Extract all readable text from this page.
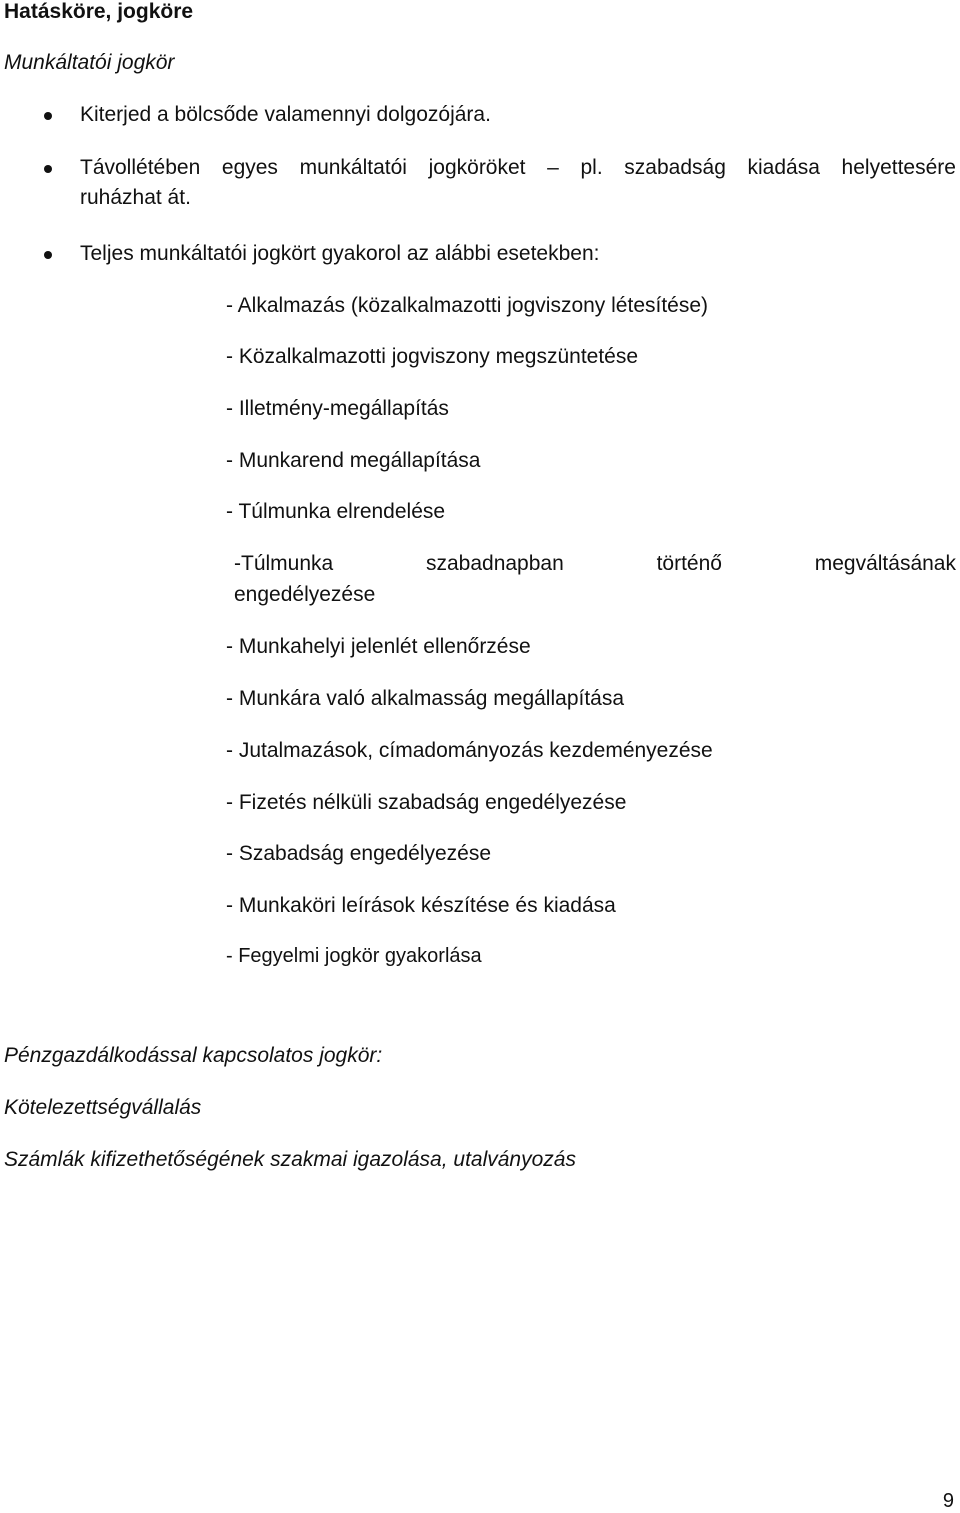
Hatásköre, jogköre
Munkáltatói jogkör
Kiterjed a bölcsőde valamennyi dolgozójára.
Távollétében egyes munkáltatói jogköröket – pl. szabadság kiadása helyettesére
ruházhat át.
Teljes munkáltatói jogkört gyakorol az alábbi esetekben:
- Alkalmazás (közalkalmazotti jogviszony létesítése)
- Közalkalmazotti jogviszony megszüntetése
- Illetmény-megállapítás
- Munkarend megállapítása
- Túlmunka elrendelése
-Túlmunka	szabadnapban	történő	megváltásának
engedélyezése
- Munkahelyi jelenlét ellenőrzése
- Munkára való alkalmasság megállapítása
- Jutalmazások, címadományozás kezdeményezése
- Fizetés nélküli szabadság engedélyezése
- Szabadság engedélyezése
- Munkaköri leírások készítése és kiadása
- Fegyelmi jogkör gyakorlása
Pénzgazdálkodással kapcsolatos jogkör:
Kötelezettségvállalás
Számlák kifizethetőségének szakmai igazolása, utalványozás
9
